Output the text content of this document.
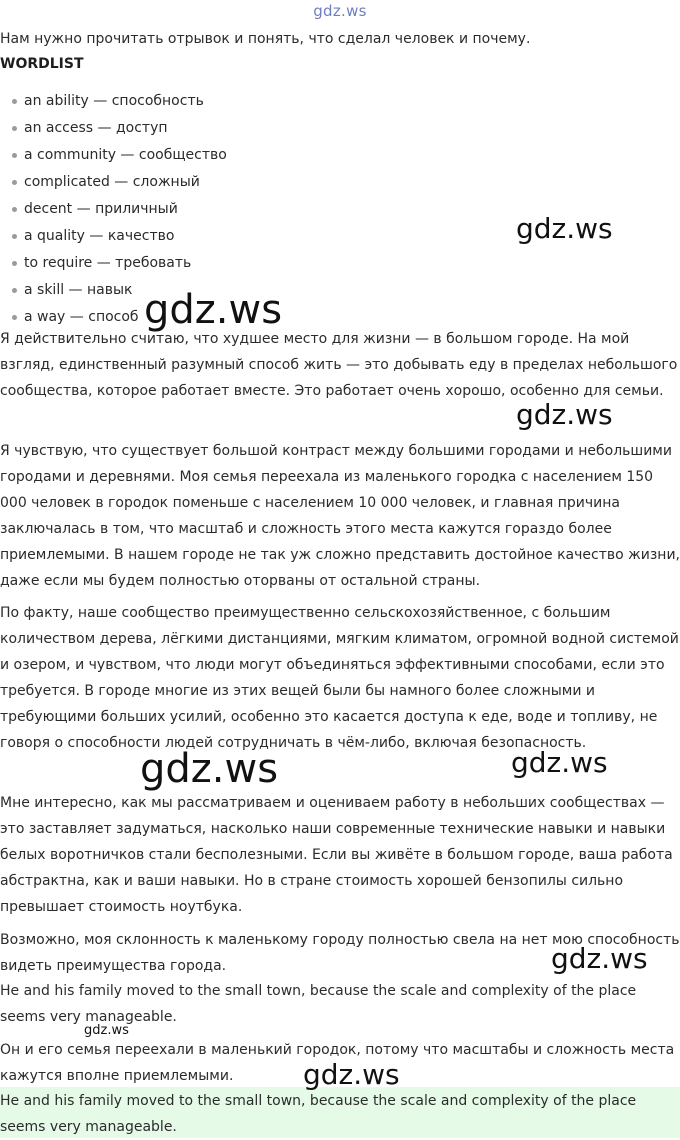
gdz.ws

Нам нужно прочитать отрывок и понять, что сделал человек и почему.

WORDLIST

an ability — способность
an access — доступ
a community — сообщество
complicated — сложный
decent — приличный
a quality — качество
to require — требовать
a skill — навык
a way — способ

Я действительно считаю, что худшее место для жизни — в большом городе. На мой взгляд, единственный разумный способ жить — это добывать еду в пределах небольшого сообщества, которое работает вместе. Это работает очень хорошо, особенно для семьи.

Я чувствую, что существует большой контраст между большими городами и небольшими городами и деревнями. Моя семья переехала из маленького городка с населением 150 000 человек в городок поменьше с населением 10 000 человек, и главная причина заключалась в том, что масштаб и сложность этого места кажутся гораздо более приемлемыми. В нашем городе не так уж сложно представить достойное качество жизни, даже если мы будем полностью оторваны от остальной страны.

По факту, наше сообщество преимущественно сельскохозяйственное, с большим количеством дерева, лёгкими дистанциями, мягким климатом, огромной водной системой и озером, и чувством, что люди могут объединяться эффективными способами, если это требуется. В городе многие из этих вещей были бы намного более сложными и требующими больших усилий, особенно это касается доступа к еде, воде и топливу, не говоря о способности людей сотрудничать в чём-либо, включая безопасность.

Мне интересно, как мы рассматриваем и оцениваем работу в небольших сообществах — это заставляет задуматься, насколько наши современные технические навыки и навыки белых воротничков стали бесполезными. Если вы живёте в большом городе, ваша работа абстрактна, как и ваши навыки. Но в стране стоимость хорошей бензопилы сильно превышает стоимость ноутбука.

Возможно, моя склонность к маленькому городу полностью свела на нет мою способность видеть преимущества города.

He and his family moved to the small town, because the scale and complexity of the place seems very manageable.

Он и его семья переехали в маленький городок, потому что масштабы и сложность места кажутся вполне приемлемыми.

He and his family moved to the small town, because the scale and complexity of the place seems very manageable.

gdz.ws
gdz.ws
gdz.ws
gdz.ws	gdz.ws
gdz.ws
gdz.ws
gdz.ws
